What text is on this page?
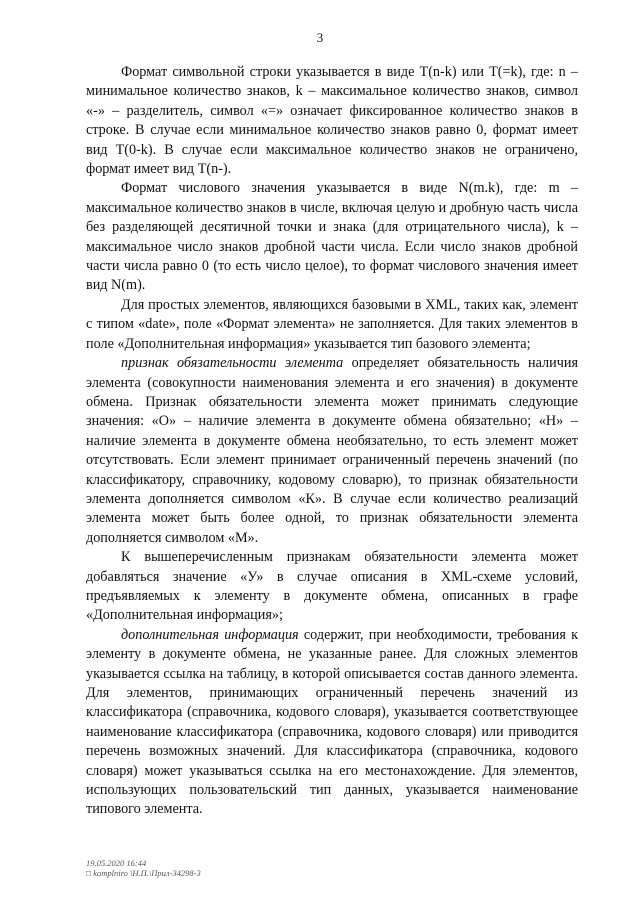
3

Формат символьной строки указывается в виде T(n-k) или T(=k), где: n – минимальное количество знаков, k – максимальное количество знаков, символ «-» – разделитель, символ «=» означает фиксированное количество знаков в строке. В случае если минимальное количество знаков равно 0, формат имеет вид T(0-k). В случае если максимальное количество знаков не ограничено, формат имеет вид T(n-).

Формат числового значения указывается в виде N(m.k), где: m – максимальное количество знаков в числе, включая целую и дробную часть числа без разделяющей десятичной точки и знака (для отрицательного числа), k – максимальное число знаков дробной части числа. Если число знаков дробной части числа равно 0 (то есть число целое), то формат числового значения имеет вид N(m).

Для простых элементов, являющихся базовыми в XML, таких как, элемент с типом «date», поле «Формат элемента» не заполняется. Для таких элементов в поле «Дополнительная информация» указывается тип базового элемента;

признак обязательности элемента определяет обязательность наличия элемента (совокупности наименования элемента и его значения) в документе обмена. Признак обязательности элемента может принимать следующие значения: «О» – наличие элемента в документе обмена обязательно; «Н» – наличие элемента в документе обмена необязательно, то есть элемент может отсутствовать. Если элемент принимает ограниченный перечень значений (по классификатору, справочнику, кодовому словарю), то признак обязательности элемента дополняется символом «К». В случае если количество реализаций элемента может быть более одной, то признак обязательности элемента дополняется символом «М».

К вышеперечисленным признакам обязательности элемента может добавляться значение «У» в случае описания в XML-схеме условий, предъявляемых к элементу в документе обмена, описанных в графе «Дополнительная информация»;

дополнительная информация содержит, при необходимости, требования к элементу в документе обмена, не указанные ранее. Для сложных элементов указывается ссылка на таблицу, в которой описывается состав данного элемента. Для элементов, принимающих ограниченный перечень значений из классификатора (справочника, кодового словаря), указывается соответствующее наименование классификатора (справочника, кодового словаря) или приводится перечень возможных значений. Для классификатора (справочника, кодового словаря) может указываться ссылка на его местонахождение. Для элементов, использующих пользовательский тип данных, указывается наименование типового элемента.

19.05.2020 16:44
□ komplniro \Н.П.\Прил-34298-3
